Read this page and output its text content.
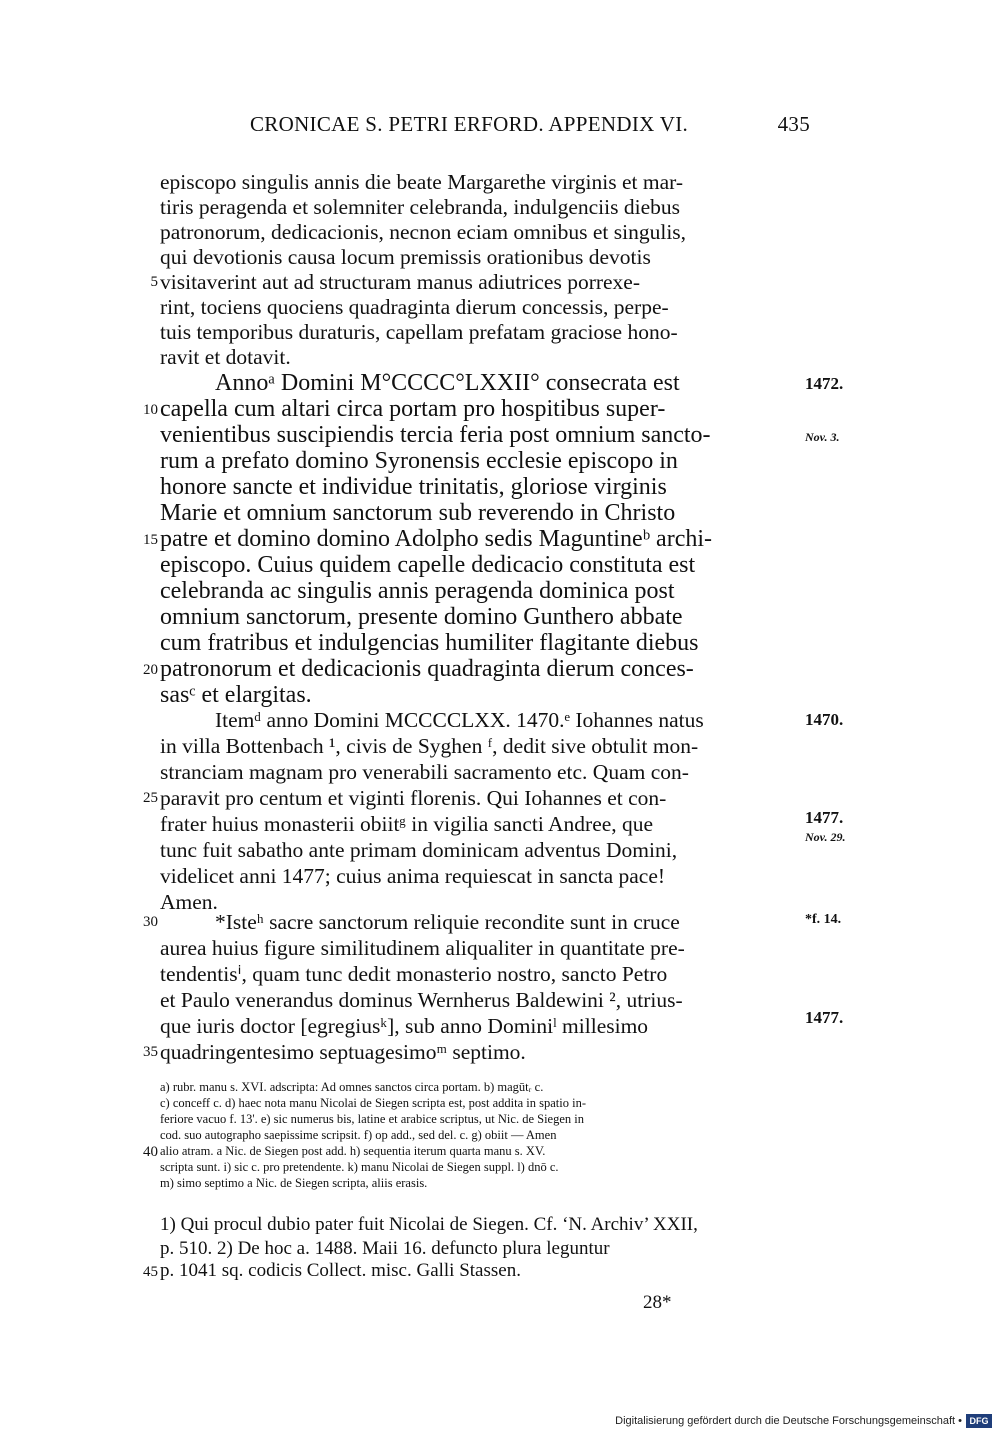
CRONICAE S. PETRI ERFORD. APPENDIX VI.	435
episcopo singulis annis die beate Margarethe virginis et mar-
tiris peragenda et solemniter celebranda, indulgenciis diebus
patronorum, dedicacionis, necnon eciam omnibus et singulis,
qui devotionis causa locum premissis orationibus devotis
5 visitaverint aut ad structuram manus adiutrices porrexe-
rint, tociens quociens quadraginta dierum concessis, perpe-
tuis temporibus duraturis, capellam prefatam graciose hono-
ravit et dotavit.
Annoᵃ Domini M°CCCC°LXXII° consecrata est	1472.
10 capella cum altari circa portam pro hospitibus super-
venientibus suscipiendis tercia feria post omnium sancto-	Nov. 3.
rum a prefato domino Syronensis ecclesie episcopo in
honore sancte et individue trinitatis, gloriose virginis
Marie et omnium sanctorum sub reverendo in Christo
15 patre et domino domino Adolpho sedis Maguntineᵇ archi-
episcopo. Cuius quidem capelle dedicacio constituta est
celebranda ac singulis annis peragenda dominica post
omnium sanctorum, presente domino Gunthero abbate
cum fratribus et indulgencias humiliter flagitante diebus
20 patronorum et dedicacionis quadraginta dierum conces-
sasᶜ et elargitas.
Itemᵈ anno Domini MCCCCLXX. 1470.ᵉ Iohannes natus	1470.
in villa Bottenbach ¹, civis de Syghen ᶠ, dedit sive obtulit mon-
stranciam magnam pro venerabili sacramento etc. Quam con-
25 paravit pro centum et viginti florenis. Qui Iohannes et con-
frater huius monasterii obiitᵍ in vigilia sancti Andree, que	1477.
tunc fuit sabatho ante primam dominicam adventus Domini,
Nov. 29.
videlicet anni 1477; cuius anima requiescat in sancta pace!
Amen.
30	*Isteʰ sacre sanctorum reliquie recondite sunt in cruce	*f. 14.
aurea huius figure similitudinem aliqualiter in quantitate pre-
tendentisⁱ, quam tunc dedit monasterio nostro, sancto Petro
et Paulo venerandus dominus Wernherus Baldewini ², utrius-
que iuris doctor [egregiusᵏ], sub anno Dominiˡ millesimo	1477.
35 quadringentesimo septuagesimoᵐ septimo.
a) rubr. manu s. XVI. adscripta: Ad omnes sanctos circa portam. b) magūtᵣ c.
c) conceff c. d) haec nota manu Nicolai de Siegen scripta est, post addita in spatio in-
feriore vacuo f. 13'. e) sic numerus bis, latine et arabice scriptus, ut Nic. de Siegen in
cod. suo autographo saepissime scripsit. f) op add., sed del. c. g) obiit — Amen
40 alio atram. a Nic. de Siegen post add. h) sequentia iterum quarta manu s. XV.
scripta sunt. i) sic c. pro pretendente. k) manu Nicolai de Siegen suppl. l) dnō c.
m) simo septimo a Nic. de Siegen scripta, aliis erasis.
1) Qui procul dubio pater fuit Nicolai de Siegen. Cf. ‘N. Archiv’ XXII,
p. 510. 2) De hoc a. 1488. Maii 16. defuncto plura leguntur
45 p. 1041 sq. codicis Collect. misc. Galli Stassen.
28*
Digitalisierung gefördert durch die Deutsche Forschungsgemeinschaft • DFG
